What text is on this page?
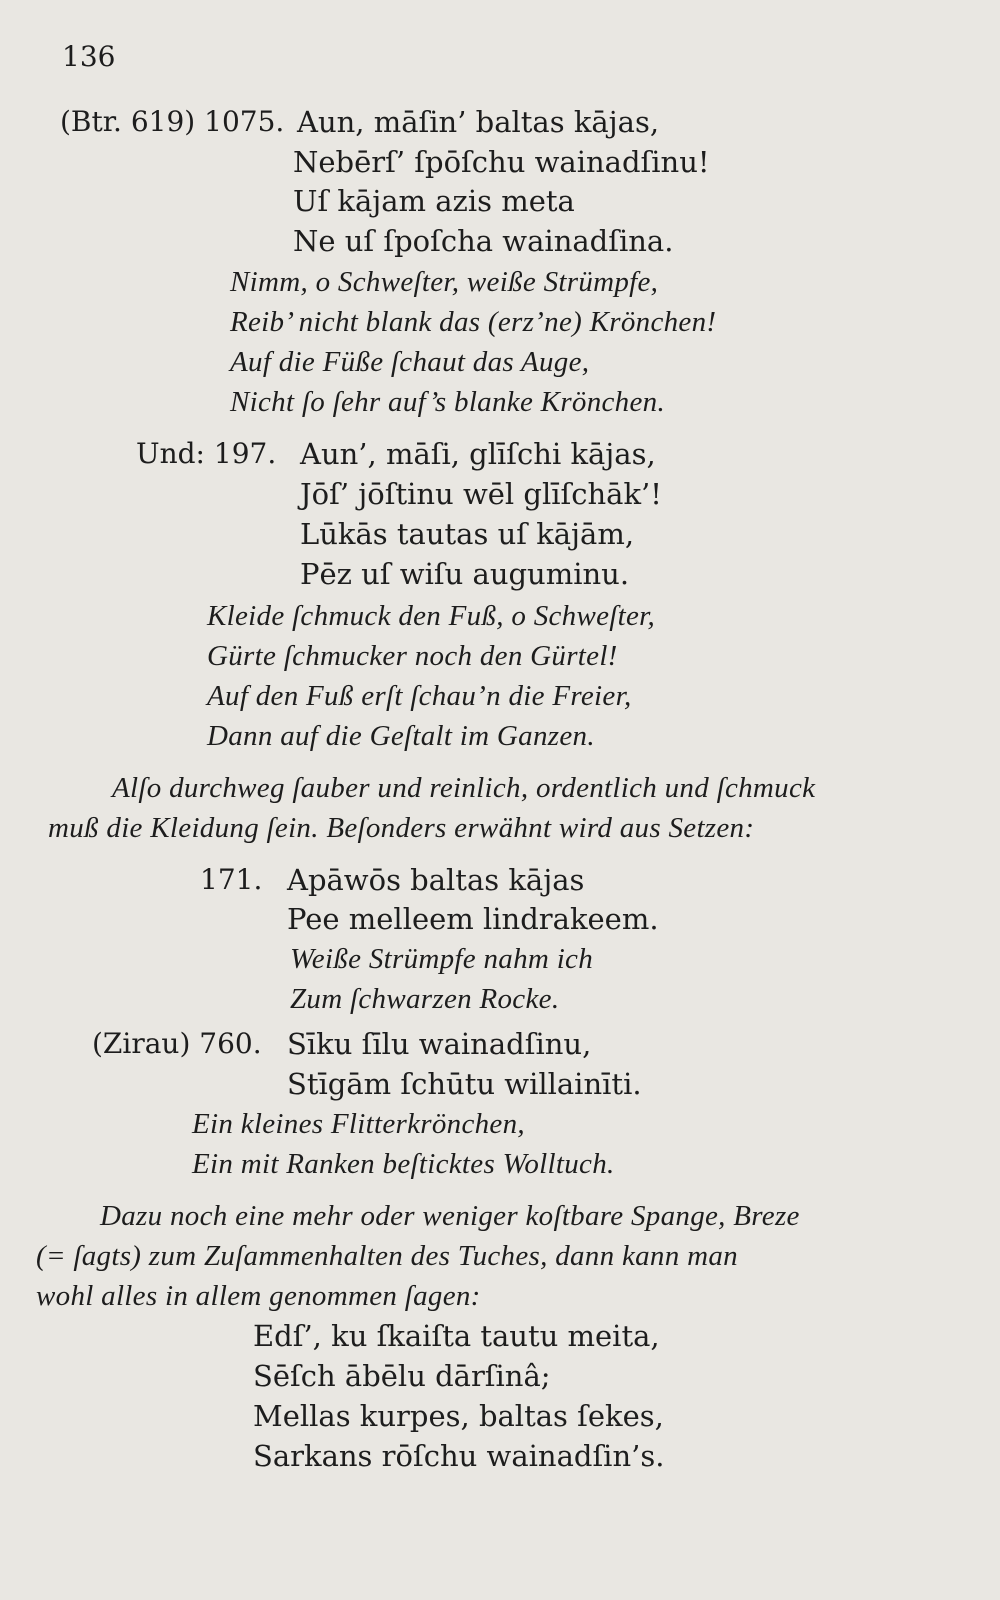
136
(Btr. 619) 1075. Aun, māſin’ baltas kājas,
Nebērſ’ ſpōſchu wainadſinu!
Uſ kājam azis meta
Ne uſ ſpoſcha wainadſina.
Nimm, o Schweſter, weiße Strümpfe,
Reib’ nicht blank das (erz’ne) Krönchen!
Auf die Füße ſchaut das Auge,
Nicht ſo ſehr auf’s blanke Krönchen.
Und: 197. Aun’, māſi, glīſchi kājas,
Jōſ’ jōſtinu wēl glīſchāk’!
Lūkās tautas uſ kājām,
Pēz uſ wiſu auguminu.
Kleide ſchmuck den Fuß, o Schweſter,
Gürte ſchmucker noch den Gürtel!
Auf den Fuß erſt ſchau’n die Freier,
Dann auf die Geſtalt im Ganzen.
Alſo durchweg ſauber und reinlich, ordentlich und ſchmuck
muß die Kleidung ſein. Beſonders erwähnt wird aus Setzen:
171. Apāwōs baltas kājas
Pee melleem lindrakeem.
Weiße Strümpfe nahm ich
Zum ſchwarzen Rocke.
(Zirau) 760. Sīku ſīlu wainadſinu,
Stīgām ſchūtu willainīti.
Ein kleines Flitterkrönchen,
Ein mit Ranken beſticktes Wolltuch.
Dazu noch eine mehr oder weniger koſtbare Spange, Breze
(= ſagts) zum Zuſammenhalten des Tuches, dann kann man
wohl alles in allem genommen ſagen:
Edſ’, ku ſkaiſta tautu meita,
Sēſch ābēlu dārſinâ;
Mellas kurpes, baltas ſekes,
Sarkans rōſchu wainadſin’s.
